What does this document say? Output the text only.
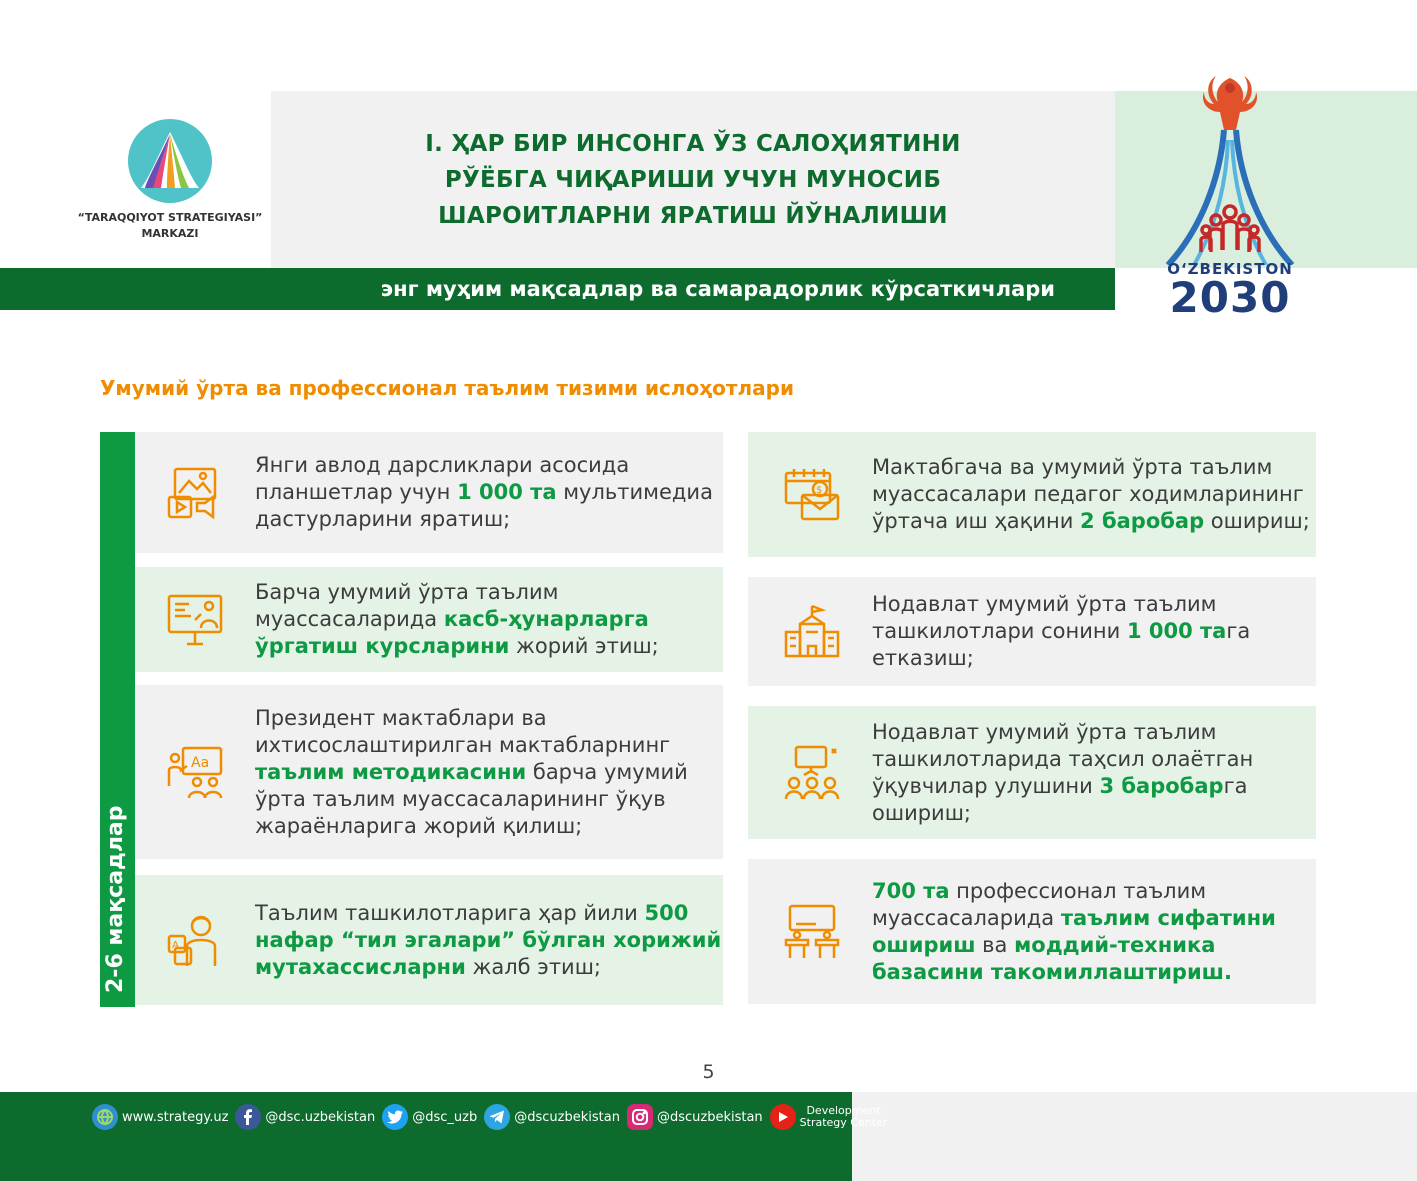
“TARAQQIYOT STRATEGIYASI”
MARKAZI
I. ҲАР БИР ИНСОНГА ЎЗ САЛОҲИЯТИНИ
РЎЁБГА ЧИҚАРИШИ УЧУН МУНОСИБ
ШАРОИТЛАРНИ ЯРАТИШ ЙЎНАЛИШИ
энг муҳим мақсадлар ва самарадорлик кўрсаткичлари
O‘ZBEKISTON
2030
Умумий ўрта ва профессионал таълим тизими ислоҳотлари
2-6 мақсадлар
Янги авлод дарсликлари асосида планшетлар учун 1 000 та мультимедиа дастурларини яратиш;
Барча умумий ўрта таълим муассасаларида касб-ҳунарларга ўргатиш курсларини жорий этиш;
Aa
Президент мактаблари ва ихтисослаштирилган мактабларнинг таълим методикасини барча умумий ўрта таълим муассасаларининг ўқув жараёнларига жорий қилиш;
A
Таълим ташкилотларига ҳар йили 500 нафар “тил эгалари” бўлган хорижий мутахассисларни жалб этиш;
$
Мактабгача ва умумий ўрта таълим муассасалари педагог ходимларининг ўртача иш ҳақини 2 баробар ошириш;
Нодавлат умумий ўрта таълим ташкилотлари сонини 1 000 тага етказиш;
Нодавлат умумий ўрта таълим ташкилотларида таҳсил олаётган ўқувчилар улушини 3 баробарга ошириш;
700 та профессионал таълим муассасаларида таълим сифатини ошириш ва моддий-техника базасини такомиллаштириш.
5
www.strategy.uz	@dsc.uzbekistan	@dsc_uzb	@dscuzbekistan	@dscuzbekistan	Development
Strategy Center
